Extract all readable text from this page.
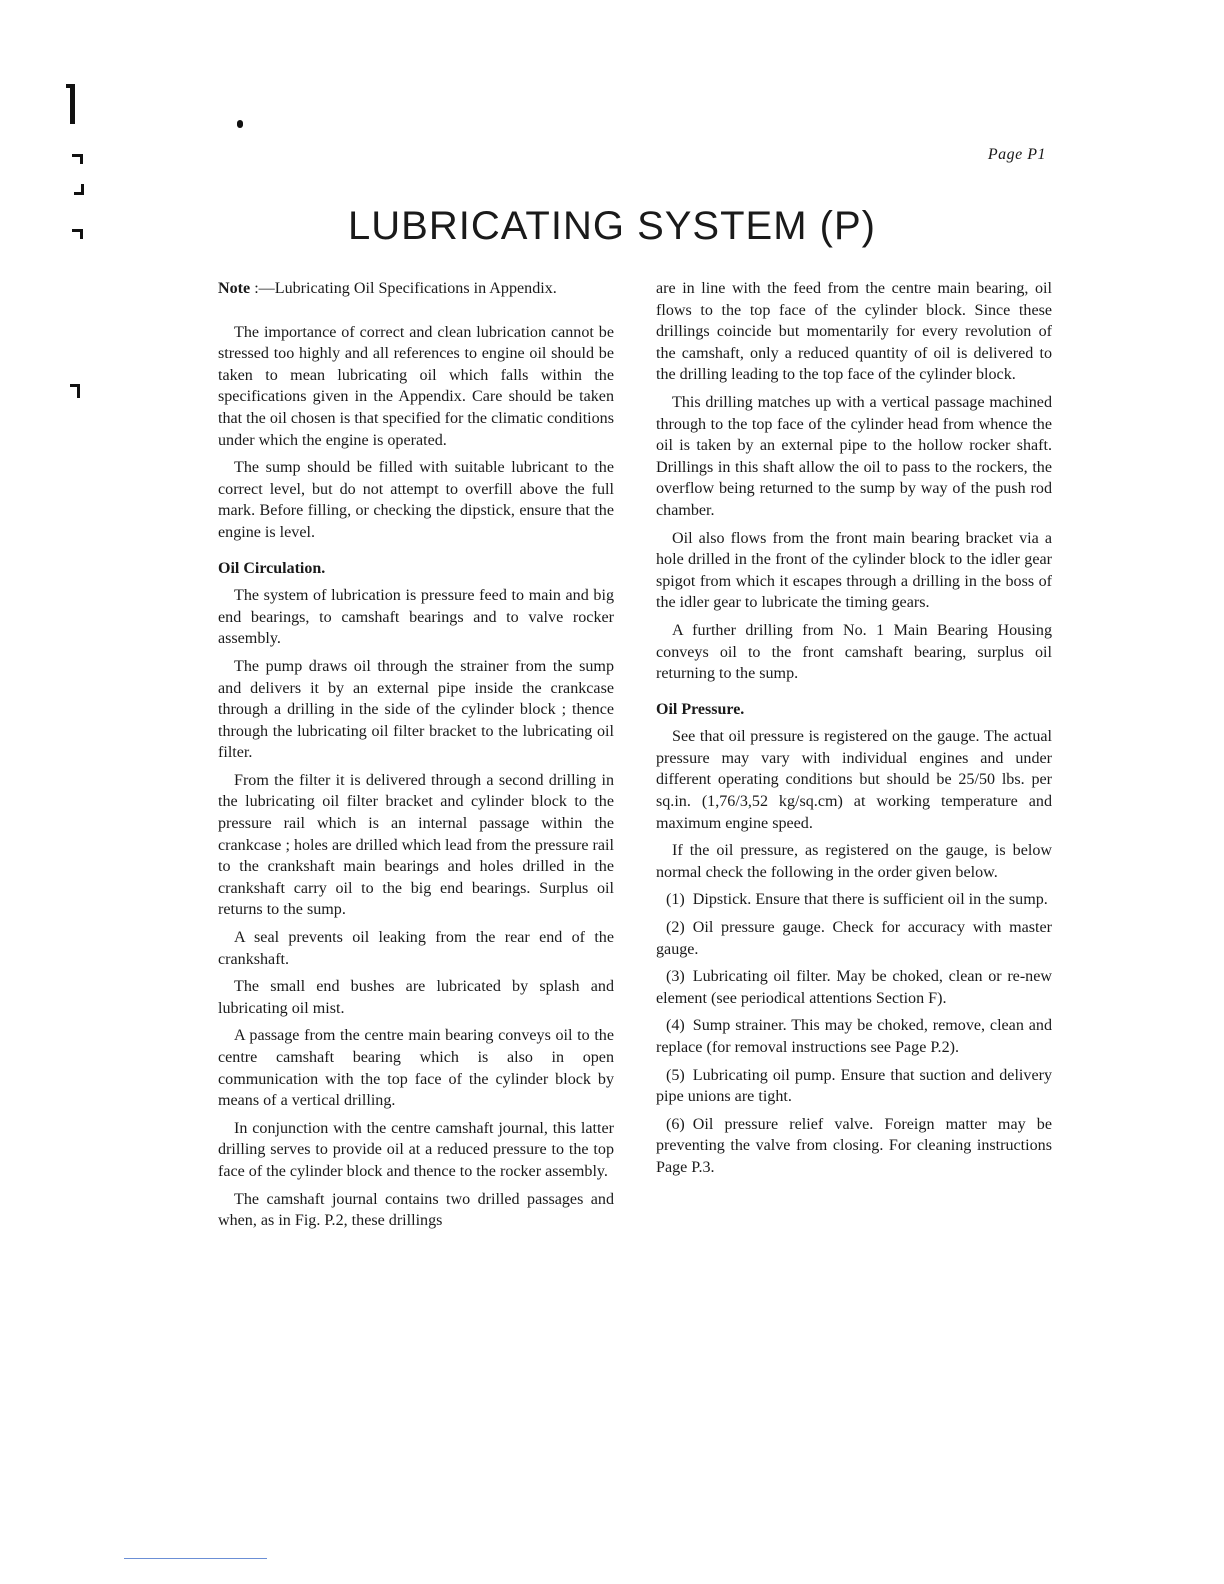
Page P1
LUBRICATING SYSTEM (P)

Note :—Lubricating Oil Specifications in Appendix.

The importance of correct and clean lubrication cannot be stressed too highly and all references to engine oil should be taken to mean lubricating oil which falls within the specifications given in the Appendix. Care should be taken that the oil chosen is that specified for the climatic conditions under which the engine is operated.

The sump should be filled with suitable lubricant to the correct level, but do not attempt to overfill above the full mark. Before filling, or checking the dipstick, ensure that the engine is level.

Oil Circulation.

The system of lubrication is pressure feed to main and big end bearings, to camshaft bearings and to valve rocker assembly.

The pump draws oil through the strainer from the sump and delivers it by an external pipe inside the crankcase through a drilling in the side of the cylinder block ; thence through the lubricating oil filter bracket to the lubricating oil filter.

From the filter it is delivered through a second drilling in the lubricating oil filter bracket and cylinder block to the pressure rail which is an internal passage within the crankcase ; holes are drilled which lead from the pressure rail to the crankshaft main bearings and holes drilled in the crankshaft carry oil to the big end bearings. Surplus oil returns to the sump.

A seal prevents oil leaking from the rear end of the crankshaft.

The small end bushes are lubricated by splash and lubricating oil mist.

A passage from the centre main bearing conveys oil to the centre camshaft bearing which is also in open communication with the top face of the cylinder block by means of a vertical drilling.

In conjunction with the centre camshaft journal, this latter drilling serves to provide oil at a reduced pressure to the top face of the cylinder block and thence to the rocker assembly.

The camshaft journal contains two drilled passages and when, as in Fig. P.2, these drillings

are in line with the feed from the centre main bearing, oil flows to the top face of the cylinder block. Since these drillings coincide but momentarily for every revolution of the camshaft, only a reduced quantity of oil is delivered to the drilling leading to the top face of the cylinder block.

This drilling matches up with a vertical passage machined through to the top face of the cylinder head from whence the oil is taken by an external pipe to the hollow rocker shaft. Drillings in this shaft allow the oil to pass to the rockers, the overflow being returned to the sump by way of the push rod chamber.

Oil also flows from the front main bearing bracket via a hole drilled in the front of the cylinder block to the idler gear spigot from which it escapes through a drilling in the boss of the idler gear to lubricate the timing gears.

A further drilling from No. 1 Main Bearing Housing conveys oil to the front camshaft bearing, surplus oil returning to the sump.

Oil Pressure.

See that oil pressure is registered on the gauge. The actual pressure may vary with individual engines and under different operating conditions but should be 25/50 lbs. per sq.in. (1,76/3,52 kg/sq.cm) at working temperature and maximum engine speed.

If the oil pressure, as registered on the gauge, is below normal check the following in the order given below.

(1) Dipstick. Ensure that there is sufficient oil in the sump.

(2) Oil pressure gauge. Check for accuracy with master gauge.

(3) Lubricating oil filter. May be choked, clean or re-new element (see periodical attentions Section F).

(4) Sump strainer. This may be choked, remove, clean and replace (for removal instructions see Page P.2).

(5) Lubricating oil pump. Ensure that suction and delivery pipe unions are tight.

(6) Oil pressure relief valve. Foreign matter may be preventing the valve from closing. For cleaning instructions Page P.3.
